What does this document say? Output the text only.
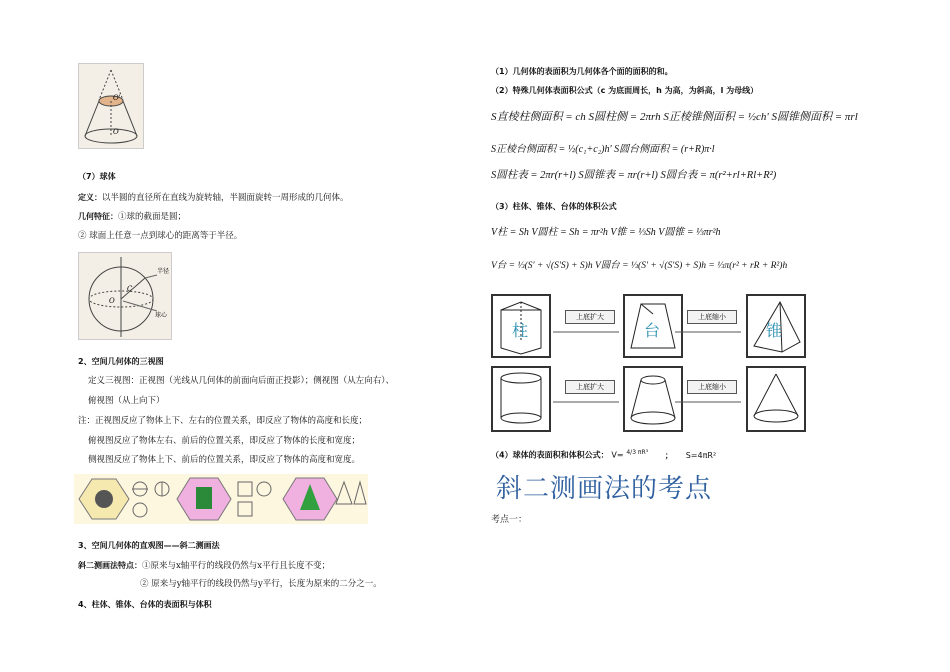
O'
O
（7）球体
定义：以半圆的直径所在直线为旋转轴，半圆面旋转一周形成的几何体。
几何特征：①球的截面是圆；
② 球面上任意一点到球心的距离等于半径。
半径
球心
O
C
2、空间几何体的三视图
定义三视图：正视图（光线从几何体的前面向后面正投影）；侧视图（从左向右）、
俯视图（从上向下）
注：正视图反应了物体上下、左右的位置关系，即反应了物体的高度和长度；
俯视图反应了物体左右、前后的位置关系，即反应了物体的长度和宽度；
侧视图反应了物体上下、前后的位置关系，即反应了物体的高度和宽度。
3、空间几何体的直观图——斜二测画法
斜二测画法特点：①原来与x轴平行的线段仍然与x平行且长度不变；
② 原来与y轴平行的线段仍然与y平行，长度为原来的二分之一。
4、柱体、锥体、台体的表面积与体积
（1）几何体的表面积为几何体各个面的面积的和。
（2）特殊几何体表面积公式（c 为底面周长，h 为高，为斜高，l 为母线）
S直棱柱侧面积 = ch S圆柱侧 = 2πrh S正棱锥侧面积 = ½ch' S圆锥侧面积 = πrl
S正棱台侧面积 = ½(c₁+c₂)h' S圆台侧面积 = (r+R)π·l
S圆柱表 = 2πr(r+l) S圆锥表 = πr(r+l) S圆台表 = π(r²+rl+Rl+R²)
（3）柱体、锥体、台体的体积公式
V柱 = Sh V圆柱 = Sh = πr²h V锥 = ⅓Sh V圆锥 = ⅓πr²h
V台 = ⅓(S' + √(S'S) + S)h V圆台 = ⅓(S' + √(S'S) + S)h = ⅓π(r² + rR + R²)h
柱	台	锥
上底扩大	上底缩小
上底扩大	上底缩小
（4）球体的表面积和体积公式： V= $^{4/3 \pi R^3}$ ； S=4πR²
斜二测画法的考点
考点一：
